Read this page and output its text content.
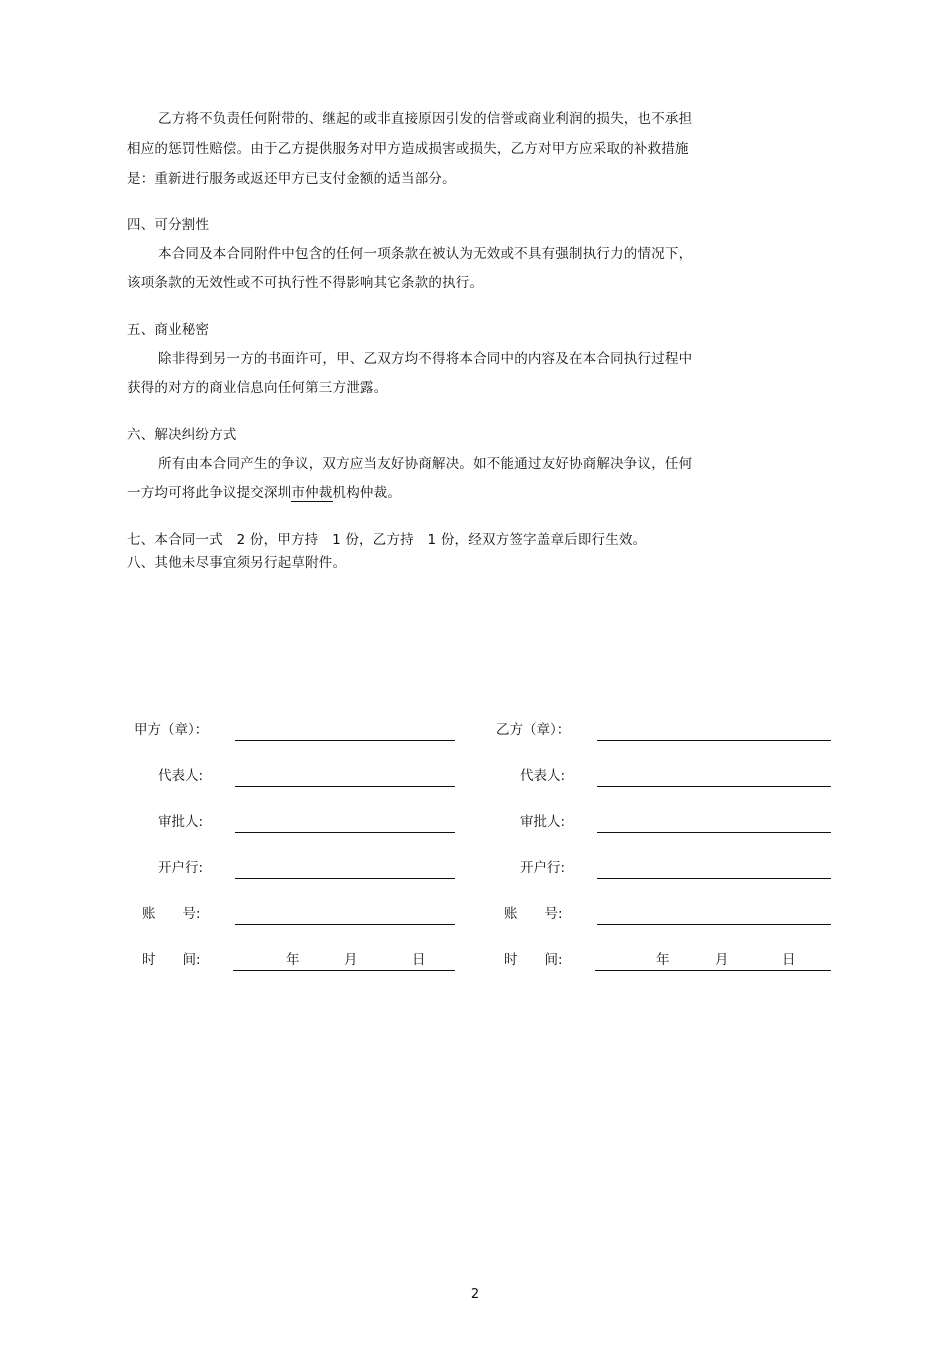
乙方将不负责任何附带的、继起的或非直接原因引发的信誉或商业利润的损失，也不承担
相应的惩罚性赔偿。由于乙方提供服务对甲方造成损害或损失，乙方对甲方应采取的补救措施
是：重新进行服务或返还甲方已支付金额的适当部分。
四、可分割性
本合同及本合同附件中包含的任何一项条款在被认为无效或不具有强制执行力的情况下，
该项条款的无效性或不可执行性不得影响其它条款的执行。
五、商业秘密
除非得到另一方的书面许可，甲、乙双方均不得将本合同中的内容及在本合同执行过程中
获得的对方的商业信息向任何第三方泄露。
六、解决纠纷方式
所有由本合同产生的争议，双方应当友好协商解决。如不能通过友好协商解决争议，任何
一方均可将此争议提交深圳市仲裁机构仲裁。
七、本合同一式　2 份，甲方持　1 份，乙方持　1 份，经双方签字盖章后即行生效。
八、其他未尽事宜须另行起草附件。
甲方（章）：
代表人:
审批人:
开户行:
账　　号:
时　　间:	年	月	日
乙方（章）：
代表人:
审批人:
开户行:
账　　号:
时　　间:	年	月	日
2
